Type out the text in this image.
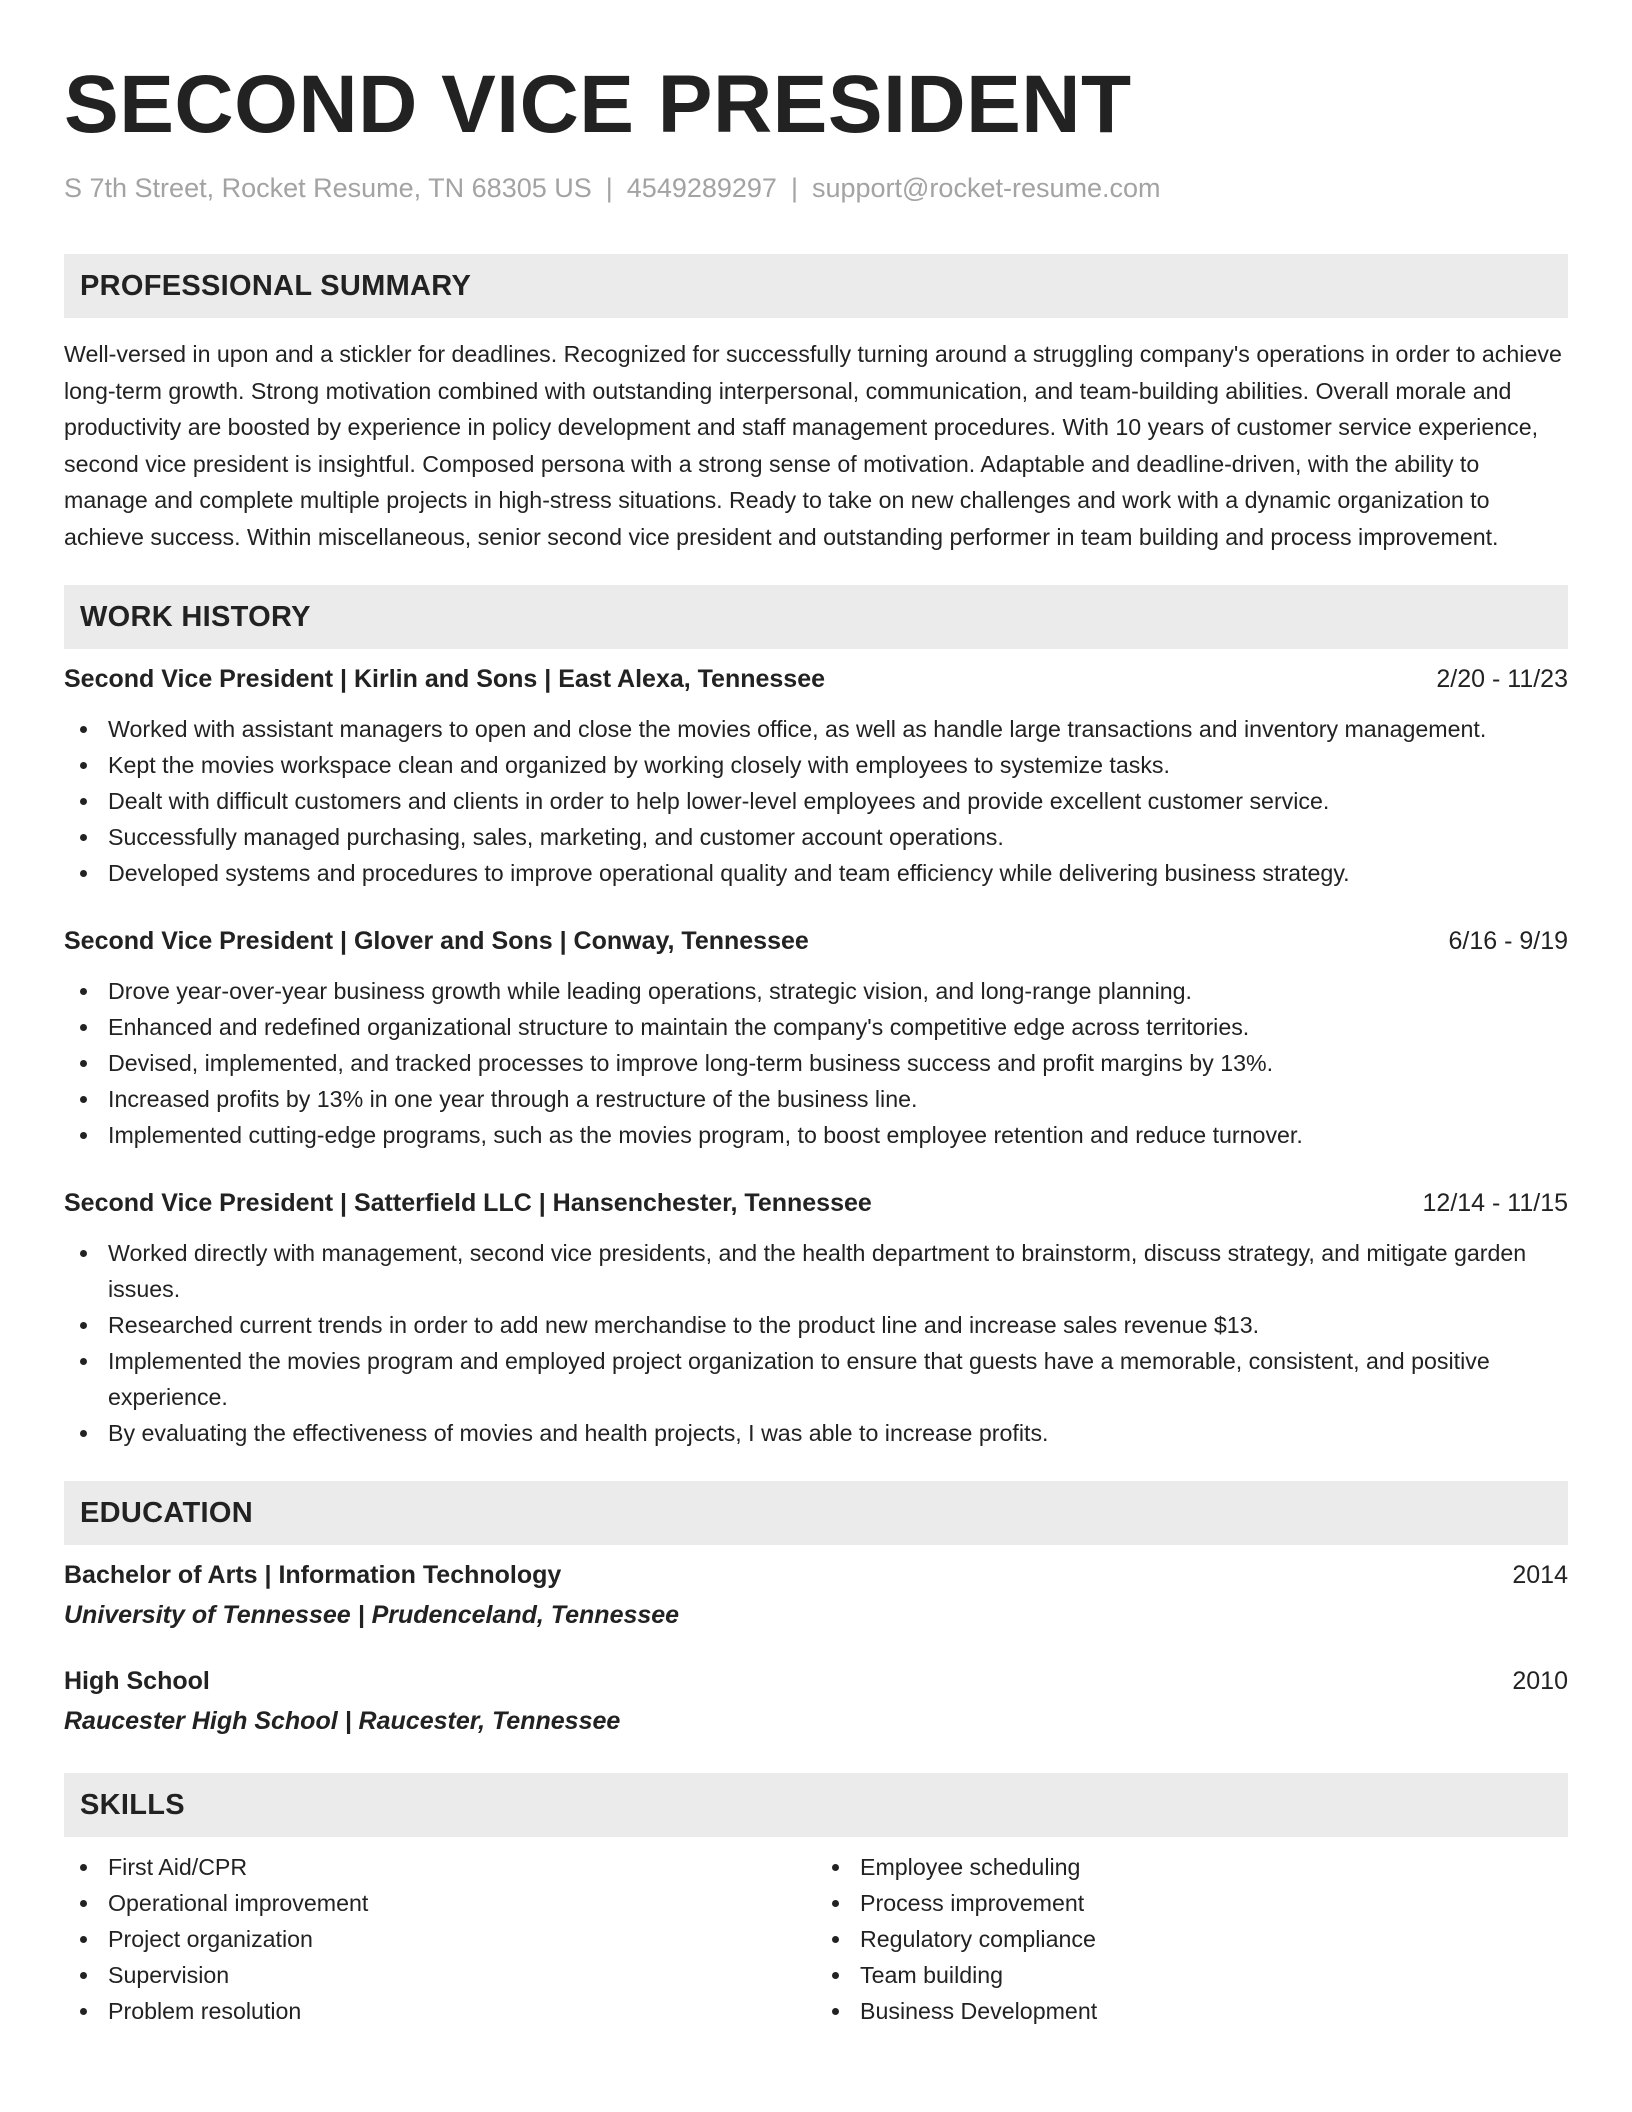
SECOND VICE PRESIDENT
S 7th Street, Rocket Resume, TN 68305 US | 4549289297 | support@rocket-resume.com
PROFESSIONAL SUMMARY

Well-versed in upon and a stickler for deadlines. Recognized for successfully turning around a struggling company's operations in order to achieve long-term growth. Strong motivation combined with outstanding interpersonal, communication, and team-building abilities. Overall morale and productivity are boosted by experience in policy development and staff management procedures. With 10 years of customer service experience, second vice president is insightful. Composed persona with a strong sense of motivation. Adaptable and deadline-driven, with the ability to manage and complete multiple projects in high-stress situations. Ready to take on new challenges and work with a dynamic organization to achieve success. Within miscellaneous, senior second vice president and outstanding performer in team building and process improvement.

WORK HISTORY
Second Vice President | Kirlin and Sons | East Alexa, Tennessee	2/20 - 11/23
Worked with assistant managers to open and close the movies office, as well as handle large transactions and inventory management.
Kept the movies workspace clean and organized by working closely with employees to systemize tasks.
Dealt with difficult customers and clients in order to help lower-level employees and provide excellent customer service.
Successfully managed purchasing, sales, marketing, and customer account operations.
Developed systems and procedures to improve operational quality and team efficiency while delivering business strategy.
Second Vice President | Glover and Sons | Conway, Tennessee	6/16 - 9/19
Drove year-over-year business growth while leading operations, strategic vision, and long-range planning.
Enhanced and redefined organizational structure to maintain the company's competitive edge across territories.
Devised, implemented, and tracked processes to improve long-term business success and profit margins by 13%.
Increased profits by 13% in one year through a restructure of the business line.
Implemented cutting-edge programs, such as the movies program, to boost employee retention and reduce turnover.
Second Vice President | Satterfield LLC | Hansenchester, Tennessee	12/14 - 11/15
Worked directly with management, second vice presidents, and the health department to brainstorm, discuss strategy, and mitigate garden issues.
Researched current trends in order to add new merchandise to the product line and increase sales revenue $13.
Implemented the movies program and employed project organization to ensure that guests have a memorable, consistent, and positive experience.
By evaluating the effectiveness of movies and health projects, I was able to increase profits.
EDUCATION
Bachelor of Arts | Information Technology	2014
University of Tennessee | Prudenceland, Tennessee
High School	2010
Raucester High School | Raucester, Tennessee
SKILLS
First Aid/CPR
Operational improvement
Project organization
Supervision
Problem resolution
Employee scheduling
Process improvement
Regulatory compliance
Team building
Business Development
